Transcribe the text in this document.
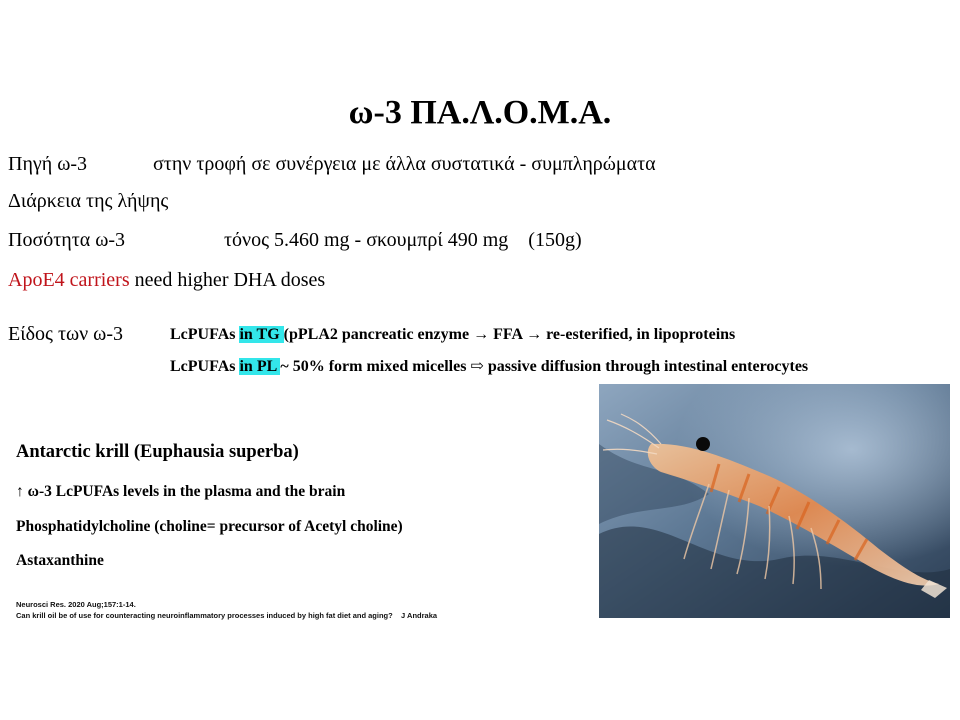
ω-3 ΠΑ.Λ.Ο.Μ.Α.
Πηγή ω-3	στην τροφή σε συνέργεια με άλλα συστατικά - συμπληρώματα
Διάρκεια της λήψης
Ποσότητα ω-3	τόνος 5.460 mg - σκουμπρί 490 mg    (150g)
ApoE4 carriers need higher DHA doses
Είδος των ω-3	LcPUFAs in TG (pPLA2 pancreatic enzyme → FFA → re-esterified, in lipoproteins
LcPUFAs in PL ~ 50% form mixed micelles ⇨ passive diffusion through intestinal enterocytes
Antarctic krill (Euphausia superba)
↑ ω-3 LcPUFAs levels in the plasma and the brain
Phosphatidylcholine (choline= precursor of Acetyl choline)
Astaxanthine
Neurosci Res. 2020 Aug;157:1-14.
Can krill oil be of use for counteracting neuroinflammatory processes induced by high fat diet and aging?    J Andraka
